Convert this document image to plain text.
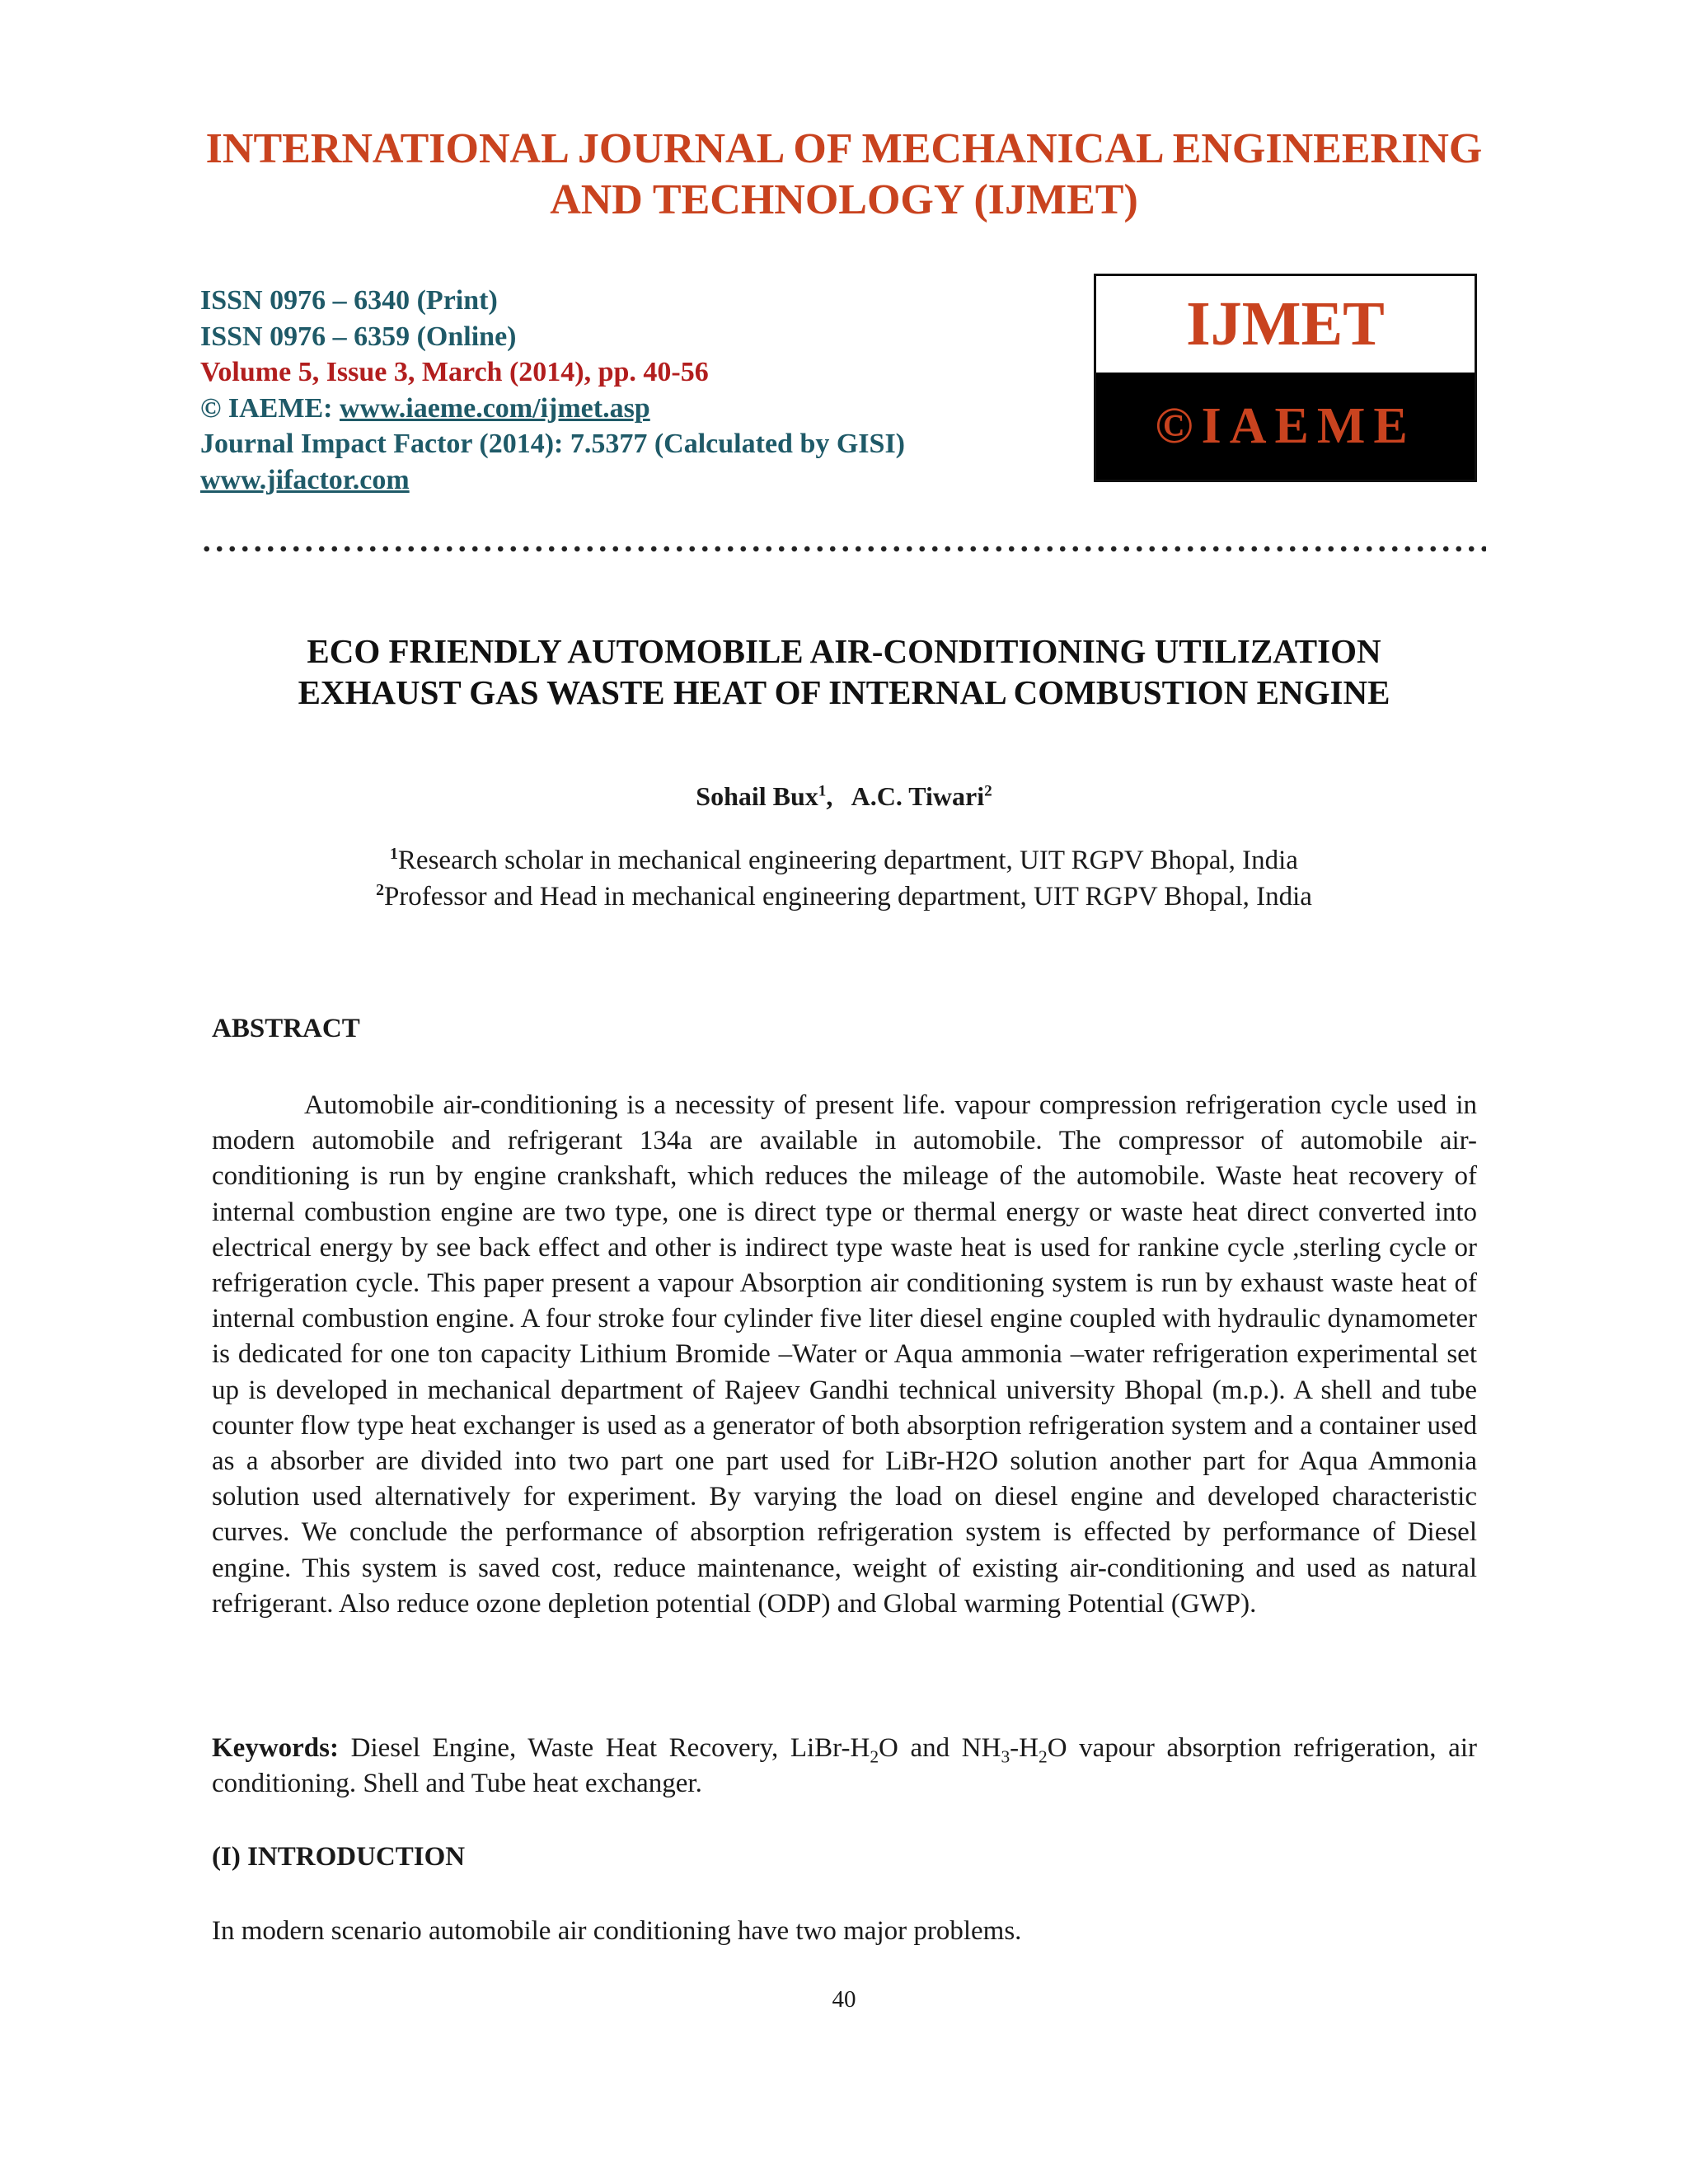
INTERNATIONAL JOURNAL OF MECHANICAL ENGINEERING
AND TECHNOLOGY (IJMET)
ISSN 0976 – 6340 (Print)
ISSN 0976 – 6359 (Online)
Volume 5, Issue 3, March (2014), pp. 40-56
© IAEME: www.iaeme.com/ijmet.asp
Journal Impact Factor (2014): 7.5377 (Calculated by GISI)
www.jifactor.com
IJMET
©IAEME
ECO FRIENDLY AUTOMOBILE AIR-CONDITIONING UTILIZATION
EXHAUST GAS WASTE HEAT OF INTERNAL COMBUSTION ENGINE
Sohail Bux$^1$,   A.C. Tiwari$^2$
$^1$Research scholar in mechanical engineering department, UIT RGPV Bhopal, India
$^2$Professor and Head in mechanical engineering department, UIT RGPV Bhopal, India
ABSTRACT
Automobile air-conditioning is a necessity of present life. vapour compression refrigeration cycle used in modern automobile and refrigerant 134a are available in automobile. The compressor of automobile air-conditioning is run by engine crankshaft, which reduces the mileage of the automobile. Waste heat recovery of internal combustion engine are two type, one is direct type or thermal energy or waste heat direct converted into electrical energy by see back effect and other is indirect type waste heat is used for rankine cycle ,sterling cycle or refrigeration cycle. This paper present a vapour Absorption air conditioning system is run by exhaust waste heat of internal combustion engine. A four stroke four cylinder five liter diesel engine coupled with hydraulic dynamometer is dedicated for one ton capacity Lithium Bromide –Water or Aqua ammonia –water refrigeration experimental set up is developed in mechanical department of Rajeev Gandhi technical university Bhopal (m.p.). A shell and tube counter flow type heat exchanger is used as a generator of both absorption refrigeration system and a container used as a absorber are divided into two part one part used for LiBr-H2O solution another part for Aqua Ammonia solution used alternatively for experiment. By varying the load on diesel engine and developed characteristic curves. We conclude the performance of absorption refrigeration system is effected by performance of Diesel engine. This system is saved cost, reduce maintenance, weight of existing air-conditioning and used as natural refrigerant. Also reduce ozone depletion potential (ODP) and Global warming Potential (GWP).
Keywords: Diesel Engine, Waste Heat Recovery, LiBr-$H_2O$ and $NH_3-H_2O$ vapour absorption refrigeration, air conditioning. Shell and Tube heat exchanger.
(I) INTRODUCTION
In modern scenario automobile air conditioning have two major problems.
40
